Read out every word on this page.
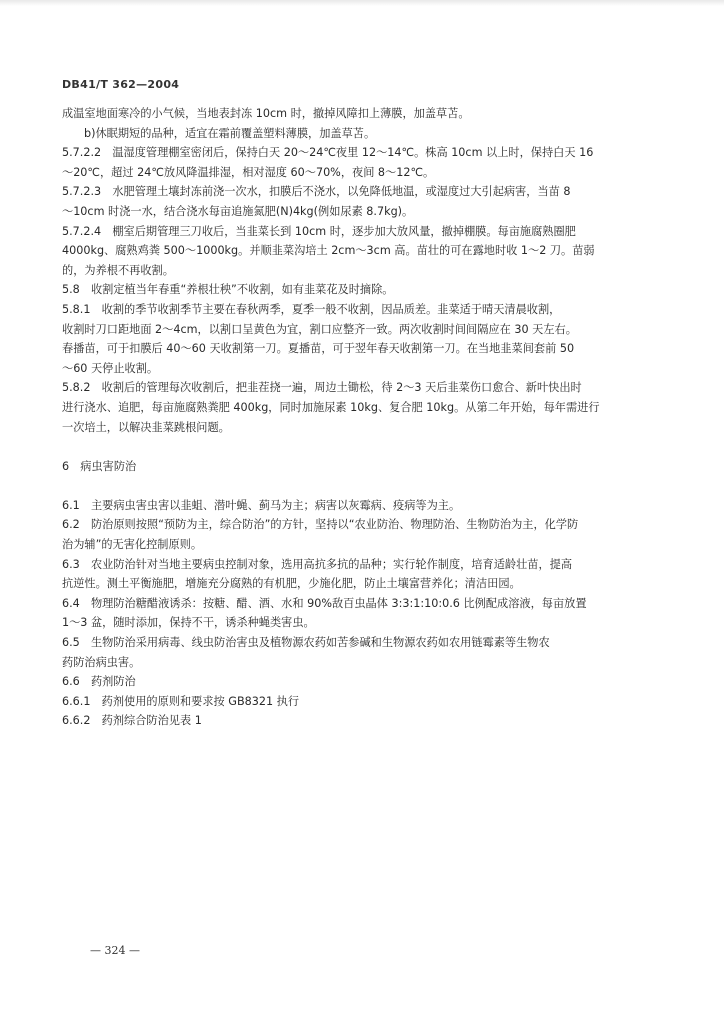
DB41/T 362—2004
成温室地面寒冷的小气候，当地表封冻 10cm 时，撤掉风障扣上薄膜，加盖草苫。
b)休眠期短的品种，适宜在霜前覆盖塑料薄膜，加盖草苫。
5.7.2.2　温湿度管理棚室密闭后，保持白天 20～24℃夜里 12～14℃。株高 10cm 以上时，保持白天 16
～20℃，超过 24℃放风降温排湿，相对湿度 60～70%，夜间 8～12℃。
5.7.2.3　水肥管理土壤封冻前浇一次水，扣膜后不浇水，以免降低地温，或湿度过大引起病害，当苗 8
～10cm 时浇一水，结合浇水每亩追施氮肥(N)4kg(例如尿素 8.7kg)。
5.7.2.4　棚室后期管理三刀收后，当韭菜长到 10cm 时，逐步加大放风量，撤掉棚膜。每亩施腐熟圈肥
4000kg、腐熟鸡粪 500～1000kg。并顺韭菜沟培土 2cm～3cm 高。苗壮的可在露地时收 1～2 刀。苗弱
的，为养根不再收割。
5.8　收割定植当年春重“养根壮秧”不收割，如有韭菜花及时摘除。
5.8.1　收割的季节收割季节主要在春秋两季，夏季一般不收割，因品质差。韭菜适于晴天清晨收割，
收割时刀口距地面 2～4cm，以割口呈黄色为宜，割口应整齐一致。两次收割时间间隔应在 30 天左右。
春播苗，可于扣膜后 40～60 天收割第一刀。夏播苗，可于翌年春天收割第一刀。在当地韭菜间套前 50
～60 天停止收割。
5.8.2　收割后的管理每次收割后，把韭茬挠一遍，周边土锄松，待 2～3 天后韭菜伤口愈合、新叶快出时
进行浇水、追肥，每亩施腐熟粪肥 400kg，同时加施尿素 10kg、复合肥 10kg。从第二年开始，每年需进行
一次培土，以解决韭菜跳根问题。
6　病虫害防治
6.1　主要病虫害虫害以韭蛆、潜叶蝇、蓟马为主；病害以灰霉病、疫病等为主。
6.2　防治原则按照“预防为主，综合防治”的方针，坚持以“农业防治、物理防治、生物防治为主，化学防
治为辅”的无害化控制原则。
6.3　农业防治针对当地主要病虫控制对象，选用高抗多抗的品种；实行轮作制度，培育适龄壮苗，提高
抗逆性。测土平衡施肥，增施充分腐熟的有机肥，少施化肥，防止土壤富营养化；清洁田园。
6.4　物理防治糖醋液诱杀：按糖、醋、酒、水和 90%敌百虫晶体 3:3:1:10:0.6 比例配成溶液，每亩放置
1～3 盆，随时添加，保持不干，诱杀种蝇类害虫。
6.5　生物防治采用病毒、线虫防治害虫及植物源农药如苦参碱和生物源农药如农用链霉素等生物农
药防治病虫害。
6.6　药剂防治
6.6.1　药剂使用的原则和要求按 GB8321 执行
6.6.2　药剂综合防治见表 1
— 324 —
